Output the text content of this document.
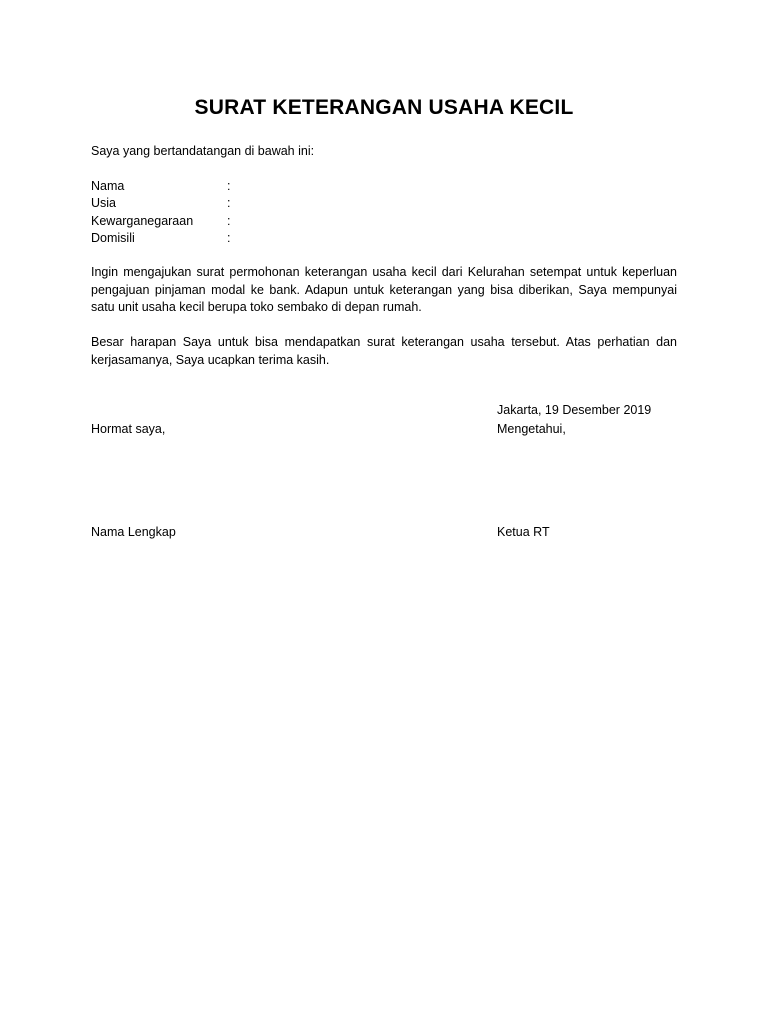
SURAT KETERANGAN USAHA KECIL
Saya yang bertandatangan di bawah ini:
Nama	:
Usia	:
Kewarganegaraan	:
Domisili	:
Ingin mengajukan surat permohonan keterangan usaha kecil dari Kelurahan setempat untuk keperluan pengajuan pinjaman modal ke bank. Adapun untuk keterangan yang bisa diberikan, Saya mempunyai satu unit usaha kecil berupa toko sembako di depan rumah.
Besar harapan Saya untuk bisa mendapatkan surat keterangan usaha tersebut. Atas perhatian dan kerjasamanya, Saya ucapkan terima kasih.
Jakarta, 19 Desember 2019
Hormat saya,	Mengetahui,
Nama Lengkap	Ketua RT
